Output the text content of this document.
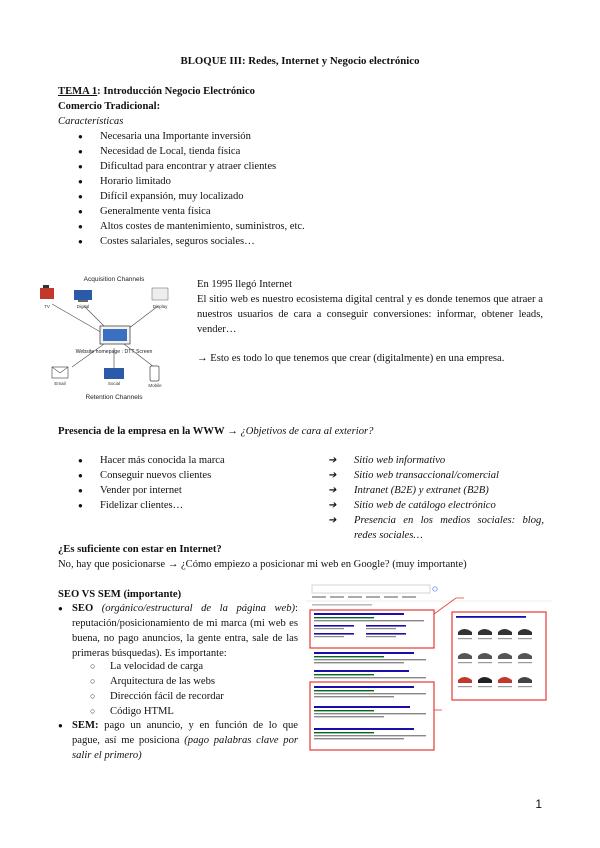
BLOQUE III: Redes, Internet y Negocio electrónico
TEMA 1: Introducción Negocio Electrónico
Comercio Tradicional:
Características
● Necesaria una Importante inversión
● Necesidad de Local, tienda física
● Dificultad para encontrar y atraer clientes
● Horario limitado
● Difícil expansión, muy localizado
● Generalmente venta física
● Altos costes de mantenimiento, suministros, etc.
● Costes salariales, seguros sociales…
Acquisition Channels
TV	Digital	Display
Website homepage : DTT Screen
Email	Social	Mobile
Retention Channels
En 1995 llegó Internet
El sitio web es nuestro ecosistema digital central y es donde tenemos que atraer a nuestros usuarios de cara a conseguir conversiones: informar, obtener leads, vender…
→ Esto es todo lo que tenemos que crear (digitalmente) en una empresa.
Presencia de la empresa en la WWW → ¿Objetivos de cara al exterior?
● Hacer más conocida la marca
● Conseguir nuevos clientes
● Vender por internet
● Fidelizar clientes…
➔ Sitio web informativo
➔ Sitio web transaccional/comercial
➔ Intranet (B2E) y extranet (B2B)
➔ Sitio web de catálogo electrónico
➔ Presencia en los medios sociales: blog, redes sociales…
¿Es suficiente con estar en Internet?
No, hay que posicionarse → ¿Cómo empiezo a posicionar mi web en Google? (muy importante)
SEO VS SEM (importante)
● SEO (orgánico/estructural de la página web): reputación/posicionamiento de mi marca (mi web es buena, no pago anuncios, la gente entra, sale de las primeras búsquedas). Es importante:
○ La velocidad de carga
○ Arquitectura de las webs
○ Dirección fácil de recordar
○ Código HTML
● SEM: pago un anuncio, y en función de lo que pague, así me posiciona (pago palabras clave por salir el primero)
1
